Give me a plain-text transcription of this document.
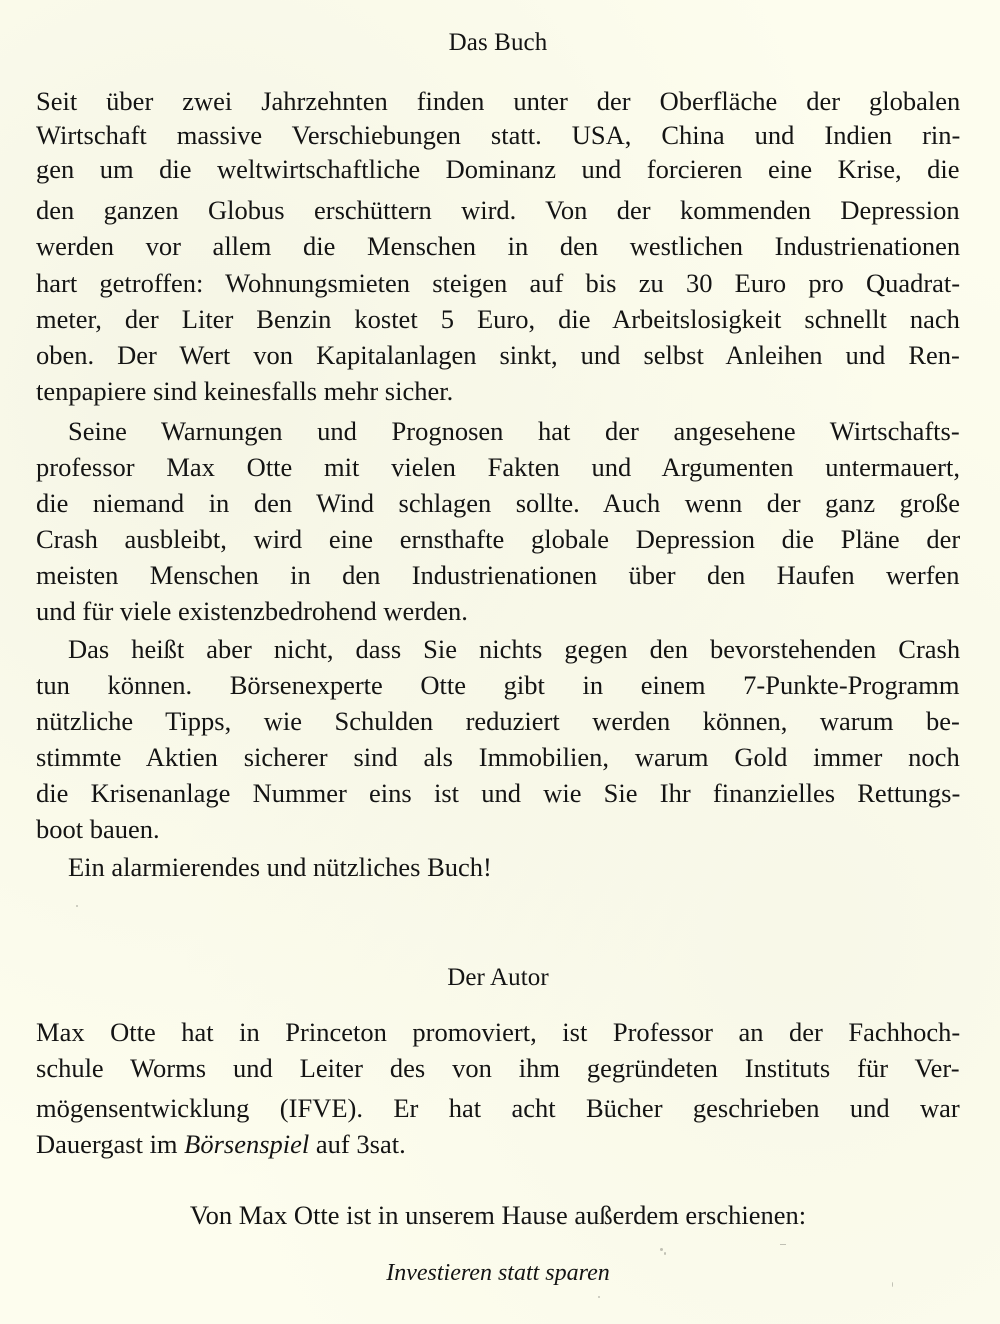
Das Buch
Seit über zwei Jahrzehnten finden unter der Oberfläche der globalen
Wirtschaft massive Verschiebungen statt. USA, China und Indien rin-
gen um die weltwirtschaftliche Dominanz und forcieren eine Krise, die
den ganzen Globus erschüttern wird. Von der kommenden Depression
werden vor allem die Menschen in den westlichen Industrienationen
hart getroffen: Wohnungsmieten steigen auf bis zu 30 Euro pro Quadrat-
meter, der Liter Benzin kostet 5 Euro, die Arbeitslosigkeit schnellt nach
oben. Der Wert von Kapitalanlagen sinkt, und selbst Anleihen und Ren-
tenpapiere sind keinesfalls mehr sicher.
Seine Warnungen und Prognosen hat der angesehene Wirtschafts-
professor Max Otte mit vielen Fakten und Argumenten untermauert,
die niemand in den Wind schlagen sollte. Auch wenn der ganz große
Crash ausbleibt, wird eine ernsthafte globale Depression die Pläne der
meisten Menschen in den Industrienationen über den Haufen werfen
und für viele existenzbedrohend werden.
Das heißt aber nicht, dass Sie nichts gegen den bevorstehenden Crash
tun können. Börsenexperte Otte gibt in einem 7-Punkte-Programm
nützliche Tipps, wie Schulden reduziert werden können, warum be-
stimmte Aktien sicherer sind als Immobilien, warum Gold immer noch
die Krisenanlage Nummer eins ist und wie Sie Ihr finanzielles Rettungs-
boot bauen.
Ein alarmierendes und nützliches Buch!
Der Autor
Max Otte hat in Princeton promoviert, ist Professor an der Fachhoch-
schule Worms und Leiter des von ihm gegründeten Instituts für Ver-
mögensentwicklung (IFVE). Er hat acht Bücher geschrieben und war
Dauergast im Börsenspiel auf 3sat.
Von Max Otte ist in unserem Hause außerdem erschienen:
Investieren statt sparen
